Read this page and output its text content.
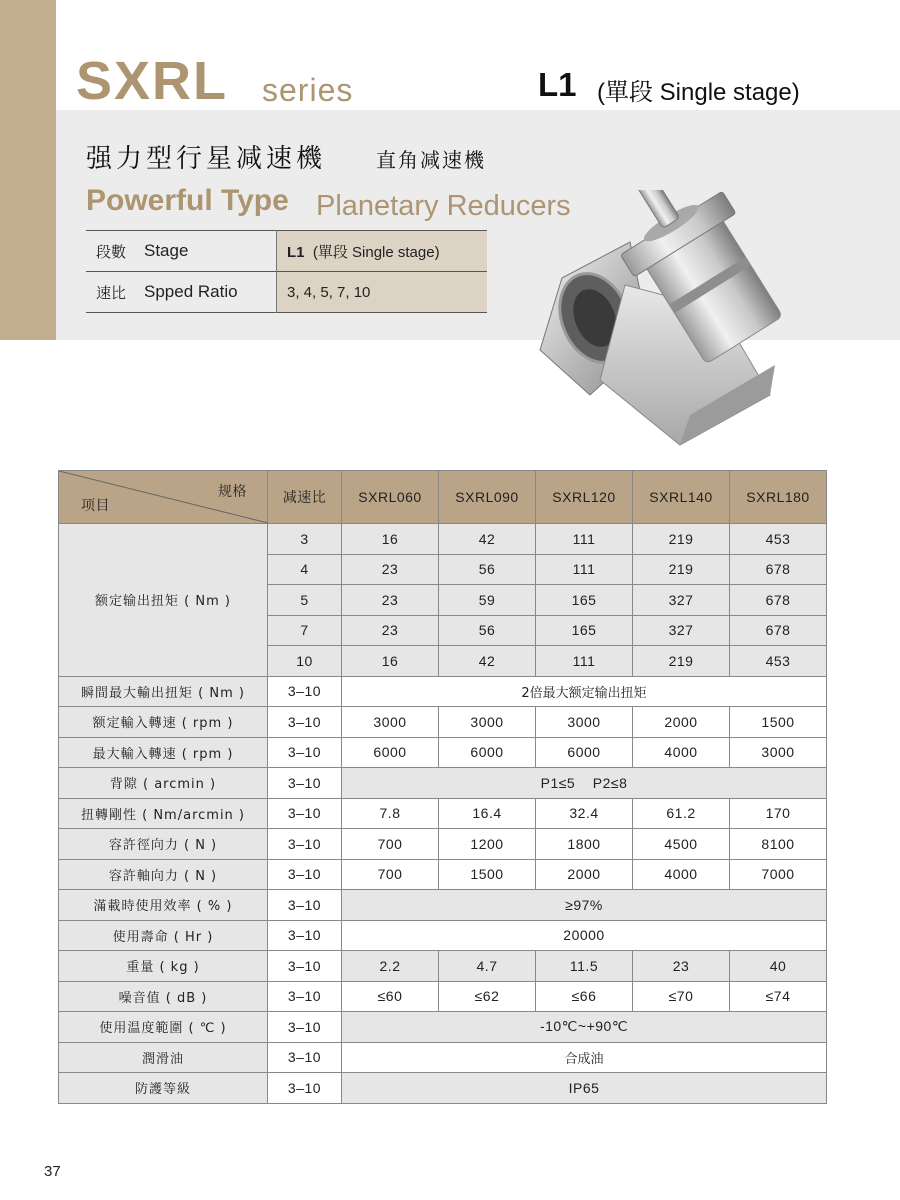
SXRL series	L1 (單段 Single stage)
强力型行星减速機 直角减速機
Powerful Type Planetary Reducers
段數	Stage	L1 (單段 Single stage)
速比	Spped Ratio	3, 4, 5, 7, 10
规格
项目	减速比	SXRL060	SXRL090	SXRL120	SXRL140	SXRL180
额定输出扭矩 ( Nm )	3	16	42	111	219	453
	4	23	56	111	219	678
	5	23	59	165	327	678
	7	23	56	165	327	678
	10	16	42	111	219	453
瞬間最大輸出扭矩 ( Nm )	3–10	2倍最大额定输出扭矩				
额定輸入轉速 ( rpm )	3–10	3000	3000	3000	2000	1500
最大輸入轉速 ( rpm )	3–10	6000	6000	6000	4000	3000
背隙 ( arcmin )	3–10	P1≤5    P2≤8				
扭轉剛性 ( Nm/arcmin )	3–10	7.8	16.4	32.4	61.2	170
容許徑向力 ( N )	3–10	700	1200	1800	4500	8100
容許軸向力 ( N )	3–10	700	1500	2000	4000	7000
滿載時使用效率 ( % )	3–10	≥97%				
使用壽命 ( Hr )	3–10	20000				
重量 ( kg )	3–10	2.2	4.7	11.5	23	40
噪音值 ( dB )	3–10	≤60	≤62	≤66	≤70	≤74
使用温度範圍 ( ℃ )	3–10	-10℃~+90℃				
潤滑油	3–10	合成油				
防護等級	3–10	IP65				
37
